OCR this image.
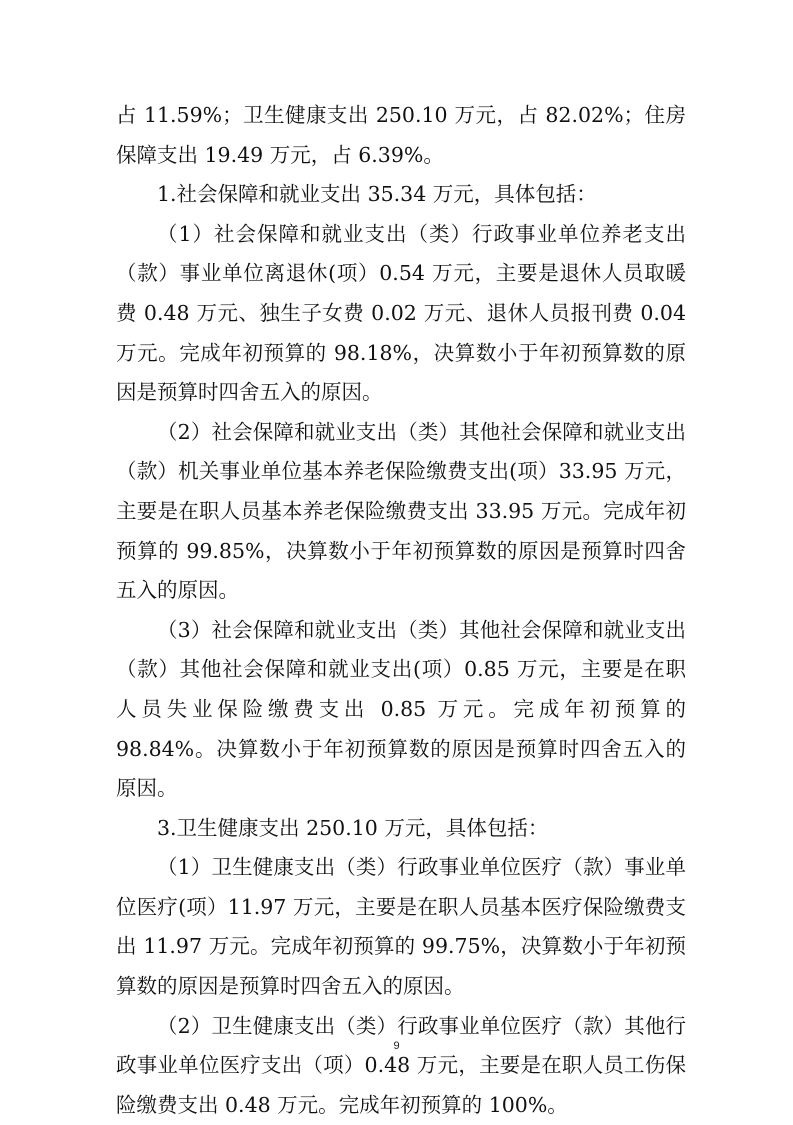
占 11.59%；卫生健康支出 250.10 万元，占 82.02%；住房保障支出 19.49 万元，占 6.39%。

1.社会保障和就业支出 35.34 万元，具体包括：

（1）社会保障和就业支出（类）行政事业单位养老支出（款）事业单位离退休(项）0.54 万元，主要是退休人员取暖费 0.48 万元、独生子女费 0.02 万元、退休人员报刊费 0.04 万元。完成年初预算的 98.18%，决算数小于年初预算数的原因是预算时四舍五入的原因。

（2）社会保障和就业支出（类）其他社会保障和就业支出（款）机关事业单位基本养老保险缴费支出(项）33.95 万元，主要是在职人员基本养老保险缴费支出 33.95 万元。完成年初预算的 99.85%，决算数小于年初预算数的原因是预算时四舍五入的原因。

（3）社会保障和就业支出（类）其他社会保障和就业支出（款）其他社会保障和就业支出(项）0.85 万元，主要是在职人员失业保险缴费支出 0.85 万元。完成年初预算的 98.84%。决算数小于年初预算数的原因是预算时四舍五入的原因。

3.卫生健康支出 250.10 万元，具体包括：

（1）卫生健康支出（类）行政事业单位医疗（款）事业单位医疗(项）11.97 万元，主要是在职人员基本医疗保险缴费支出 11.97 万元。完成年初预算的 99.75%，决算数小于年初预算数的原因是预算时四舍五入的原因。

（2）卫生健康支出（类）行政事业单位医疗（款）其他行政事业单位医疗支出（项）0.48 万元，主要是在职人员工伤保险缴费支出 0.48 万元。完成年初预算的 100%。

9
